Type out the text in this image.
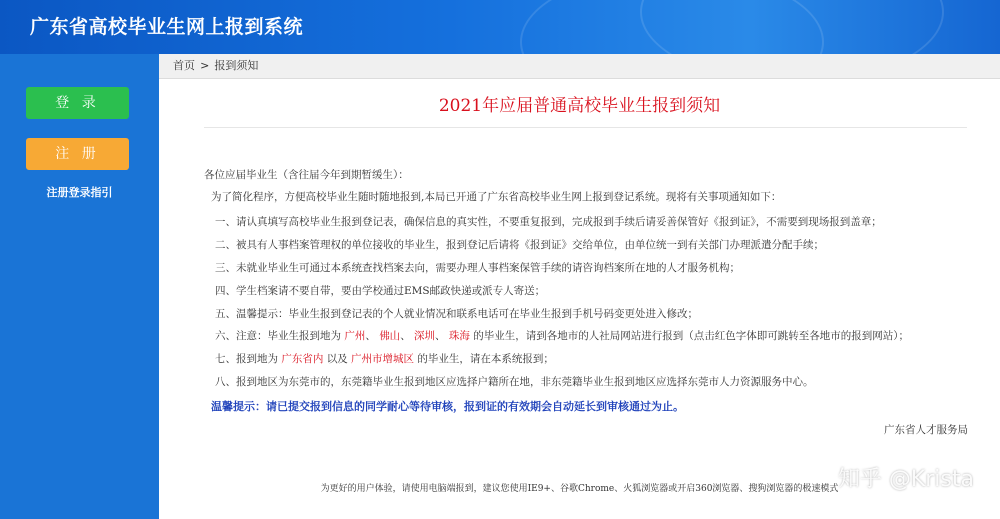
广东省高校毕业生网上报到系统
登 录
注 册
注册登录指引
首页 > 报到须知
2021年应届普通高校毕业生报到须知
各位应届毕业生（含往届今年到期暂缓生）：
为了简化程序，方便高校毕业生随时随地报到,本局已开通了广东省高校毕业生网上报到登记系统。现将有关事项通知如下：
一、请认真填写高校毕业生报到登记表，确保信息的真实性，不要重复报到，完成报到手续后请妥善保管好《报到证》，不需要到现场报到盖章；
二、被具有人事档案管理权的单位接收的毕业生，报到登记后请将《报到证》交给单位，由单位统一到有关部门办理派遣分配手续；
三、未就业毕业生可通过本系统查找档案去向，需要办理人事档案保管手续的请咨询档案所在地的人才服务机构；
四、学生档案请不要自带，要由学校通过EMS邮政快递或派专人寄送；
五、温馨提示：毕业生报到登记表的个人就业情况和联系电话可在毕业生报到手机号码变更处进入修改；
六、注意：毕业生报到地为 广州、 佛山、 深圳、 珠海 的毕业生，请到各地市的人社局网站进行报到（点击红色字体即可跳转至各地市的报到网站）；
七、报到地为 广东省内 以及 广州市增城区 的毕业生，请在本系统报到；
八、报到地区为东莞市的，东莞籍毕业生报到地区应选择户籍所在地，非东莞籍毕业生报到地区应选择东莞市人力资源服务中心。
温馨提示：请已提交报到信息的同学耐心等待审核，报到证的有效期会自动延长到审核通过为止。
广东省人才服务局
为更好的用户体验，请使用电脑端报到，建议您使用IE9+、谷歌Chrome、火狐浏览器或开启360浏览器、搜狗浏览器的极速模式 知乎 @Krista
